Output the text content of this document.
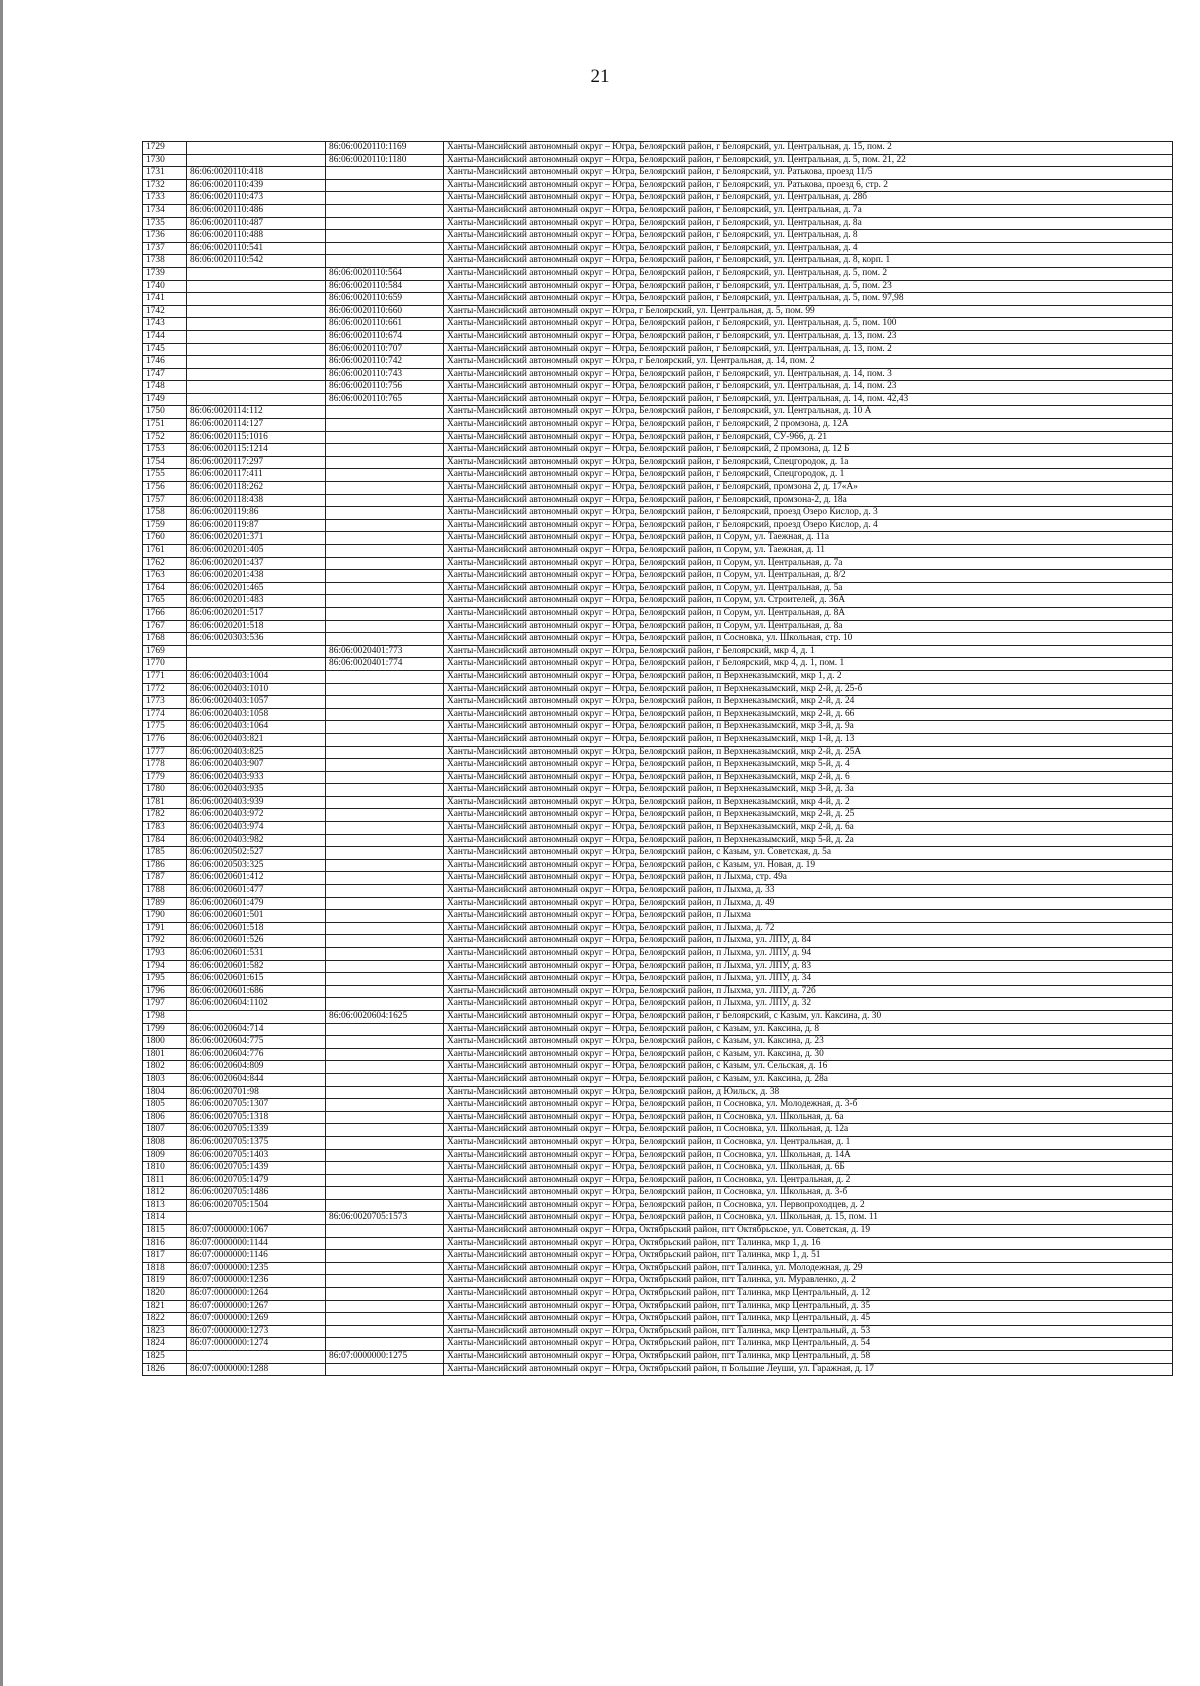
21
1729		86:06:0020110:1169	Ханты-Мансийский автономный округ – Югра, Белоярский район, г Белоярский, ул. Центральная, д. 15, пом. 2
1730		86:06:0020110:1180	Ханты-Мансийский автономный округ – Югра, Белоярский район, г Белоярский, ул. Центральная, д. 5, пом. 21, 22
1731	86:06:0020110:418		Ханты-Мансийский автономный округ – Югра, Белоярский район, г Белоярский, ул. Ратькова, проезд 11/5
1732	86:06:0020110:439		Ханты-Мансийский автономный округ – Югра, Белоярский район, г Белоярский, ул. Ратькова, проезд 6, стр. 2
1733	86:06:0020110:473		Ханты-Мансийский автономный округ – Югра, Белоярский район, г Белоярский, ул. Центральная, д. 28б
1734	86:06:0020110:486		Ханты-Мансийский автономный округ – Югра, Белоярский район, г Белоярский, ул. Центральная, д. 7а
1735	86:06:0020110:487		Ханты-Мансийский автономный округ – Югра, Белоярский район, г Белоярский, ул. Центральная, д. 8а
1736	86:06:0020110:488		Ханты-Мансийский автономный округ – Югра, Белоярский район, г Белоярский, ул. Центральная, д. 8
1737	86:06:0020110:541		Ханты-Мансийский автономный округ – Югра, Белоярский район, г Белоярский, ул. Центральная, д. 4
1738	86:06:0020110:542		Ханты-Мансийский автономный округ – Югра, Белоярский район, г Белоярский, ул. Центральная, д. 8, корп. 1
1739		86:06:0020110:564	Ханты-Мансийский автономный округ – Югра, Белоярский район, г Белоярский, ул. Центральная, д. 5, пом. 2
1740		86:06:0020110:584	Ханты-Мансийский автономный округ – Югра, Белоярский район, г Белоярский, ул. Центральная, д. 5, пом. 23
1741		86:06:0020110:659	Ханты-Мансийский автономный округ – Югра, Белоярский район, г Белоярский, ул. Центральная, д. 5, пом. 97,98
1742		86:06:0020110:660	Ханты-Мансийский автономный округ – Югра, г Белоярский, ул. Центральная, д. 5, пом. 99
1743		86:06:0020110:661	Ханты-Мансийский автономный округ – Югра, Белоярский район, г Белоярский, ул. Центральная, д. 5, пом. 100
1744		86:06:0020110:674	Ханты-Мансийский автономный округ – Югра, Белоярский район, г Белоярский, ул. Центральная, д. 13, пом. 23
1745		86:06:0020110:707	Ханты-Мансийский автономный округ – Югра, Белоярский район, г Белоярский, ул. Центральная, д. 13, пом. 2
1746		86:06:0020110:742	Ханты-Мансийский автономный округ – Югра, г Белоярский, ул. Центральная, д. 14, пом. 2
1747		86:06:0020110:743	Ханты-Мансийский автономный округ – Югра, Белоярский район, г Белоярский, ул. Центральная, д. 14, пом. 3
1748		86:06:0020110:756	Ханты-Мансийский автономный округ – Югра, Белоярский район, г Белоярский, ул. Центральная, д. 14, пом. 23
1749		86:06:0020110:765	Ханты-Мансийский автономный округ – Югра, Белоярский район, г Белоярский, ул. Центральная, д. 14, пом. 42,43
1750	86:06:0020114:112		Ханты-Мансийский автономный округ – Югра, Белоярский район, г Белоярский, ул. Центральная, д. 10 А
1751	86:06:0020114:127		Ханты-Мансийский автономный округ – Югра, Белоярский район, г Белоярский, 2 промзона, д. 12А
1752	86:06:0020115:1016		Ханты-Мансийский автономный округ – Югра, Белоярский район, г Белоярский, СУ-966, д. 21
1753	86:06:0020115:1214		Ханты-Мансийский автономный округ – Югра, Белоярский район, г Белоярский, 2 промзона, д. 12 Б
1754	86:06:0020117:297		Ханты-Мансийский автономный округ – Югра, Белоярский район, г Белоярский, Спецгородок, д. 1а
1755	86:06:0020117:411		Ханты-Мансийский автономный округ – Югра, Белоярский район, г Белоярский, Спецгородок, д. 1
1756	86:06:0020118:262		Ханты-Мансийский автономный округ – Югра, Белоярский район, г Белоярский, промзона 2, д. 17«А»
1757	86:06:0020118:438		Ханты-Мансийский автономный округ – Югра, Белоярский район, г Белоярский, промзона-2, д. 18а
1758	86:06:0020119:86		Ханты-Мансийский автономный округ – Югра, Белоярский район, г Белоярский, проезд Озеро Кислор, д. 3
1759	86:06:0020119:87		Ханты-Мансийский автономный округ – Югра, Белоярский район, г Белоярский, проезд Озеро Кислор, д. 4
1760	86:06:0020201:371		Ханты-Мансийский автономный округ – Югра, Белоярский район, п Сорум, ул. Таежная, д. 11а
1761	86:06:0020201:405		Ханты-Мансийский автономный округ – Югра, Белоярский район, п Сорум, ул. Таежная, д. 11
1762	86:06:0020201:437		Ханты-Мансийский автономный округ – Югра, Белоярский район, п Сорум, ул. Центральная, д. 7а
1763	86:06:0020201:438		Ханты-Мансийский автономный округ – Югра, Белоярский район, п Сорум, ул. Центральная, д. 8/2
1764	86:06:0020201:465		Ханты-Мансийский автономный округ – Югра, Белоярский район, п Сорум, ул. Центральная, д. 5а
1765	86:06:0020201:483		Ханты-Мансийский автономный округ – Югра, Белоярский район, п Сорум, ул. Строителей, д. 36А
1766	86:06:0020201:517		Ханты-Мансийский автономный округ – Югра, Белоярский район, п Сорум, ул. Центральная, д. 8А
1767	86:06:0020201:518		Ханты-Мансийский автономный округ – Югра, Белоярский район, п Сорум, ул. Центральная, д. 8а
1768	86:06:0020303:536		Ханты-Мансийский автономный округ – Югра, Белоярский район, п Сосновка, ул. Школьная, стр. 10
1769		86:06:0020401:773	Ханты-Мансийский автономный округ – Югра, Белоярский район, г Белоярский, мкр 4, д. 1
1770		86:06:0020401:774	Ханты-Мансийский автономный округ – Югра, Белоярский район, г Белоярский, мкр 4, д. 1, пом. 1
1771	86:06:0020403:1004		Ханты-Мансийский автономный округ – Югра, Белоярский район, п Верхнеказымский, мкр 1, д. 2
1772	86:06:0020403:1010		Ханты-Мансийский автономный округ – Югра, Белоярский район, п Верхнеказымский, мкр 2-й, д. 25-б
1773	86:06:0020403:1057		Ханты-Мансийский автономный округ – Югра, Белоярский район, п Верхнеказымский, мкр 2-й, д. 24
1774	86:06:0020403:1058		Ханты-Мансийский автономный округ – Югра, Белоярский район, п Верхнеказымский, мкр 2-й, д. 66
1775	86:06:0020403:1064		Ханты-Мансийский автономный округ – Югра, Белоярский район, п Верхнеказымский, мкр 3-й, д. 9а
1776	86:06:0020403:821		Ханты-Мансийский автономный округ – Югра, Белоярский район, п Верхнеказымский, мкр 1-й, д. 13
1777	86:06:0020403:825		Ханты-Мансийский автономный округ – Югра, Белоярский район, п Верхнеказымский, мкр 2-й, д. 25А
1778	86:06:0020403:907		Ханты-Мансийский автономный округ – Югра, Белоярский район, п Верхнеказымский, мкр 5-й, д. 4
1779	86:06:0020403:933		Ханты-Мансийский автономный округ – Югра, Белоярский район, п Верхнеказымский, мкр 2-й, д. 6
1780	86:06:0020403:935		Ханты-Мансийский автономный округ – Югра, Белоярский район, п Верхнеказымский, мкр 3-й, д. 3а
1781	86:06:0020403:939		Ханты-Мансийский автономный округ – Югра, Белоярский район, п Верхнеказымский, мкр 4-й, д. 2
1782	86:06:0020403:972		Ханты-Мансийский автономный округ – Югра, Белоярский район, п Верхнеказымский, мкр 2-й, д. 25
1783	86:06:0020403:974		Ханты-Мансийский автономный округ – Югра, Белоярский район, п Верхнеказымский, мкр 2-й, д. 6а
1784	86:06:0020403:982		Ханты-Мансийский автономный округ – Югра, Белоярский район, п Верхнеказымский, мкр 5-й, д. 2а
1785	86:06:0020502:527		Ханты-Мансийский автономный округ – Югра, Белоярский район, с Казым, ул. Советская, д. 5а
1786	86:06:0020503:325		Ханты-Мансийский автономный округ – Югра, Белоярский район, с Казым, ул. Новая, д. 19
1787	86:06:0020601:412		Ханты-Мансийский автономный округ – Югра, Белоярский район, п Лыхма, стр. 49а
1788	86:06:0020601:477		Ханты-Мансийский автономный округ – Югра, Белоярский район, п Лыхма, д. 33
1789	86:06:0020601:479		Ханты-Мансийский автономный округ – Югра, Белоярский район, п Лыхма, д. 49
1790	86:06:0020601:501		Ханты-Мансийский автономный округ – Югра, Белоярский район, п Лыхма
1791	86:06:0020601:518		Ханты-Мансийский автономный округ – Югра, Белоярский район, п Лыхма, д. 72
1792	86:06:0020601:526		Ханты-Мансийский автономный округ – Югра, Белоярский район, п Лыхма, ул. ЛПУ, д. 84
1793	86:06:0020601:531		Ханты-Мансийский автономный округ – Югра, Белоярский район, п Лыхма, ул. ЛПУ, д. 94
1794	86:06:0020601:582		Ханты-Мансийский автономный округ – Югра, Белоярский район, п Лыхма, ул. ЛПУ, д. 83
1795	86:06:0020601:615		Ханты-Мансийский автономный округ – Югра, Белоярский район, п Лыхма, ул. ЛПУ, д. 34
1796	86:06:0020601:686		Ханты-Мансийский автономный округ – Югра, Белоярский район, п Лыхма, ул. ЛПУ, д. 72б
1797	86:06:0020604:1102		Ханты-Мансийский автономный округ – Югра, Белоярский район, п Лыхма, ул. ЛПУ, д. 32
1798		86:06:0020604:1625	Ханты-Мансийский автономный округ – Югра, Белоярский район, г Белоярский, с Казым, ул. Каксина, д. 30
1799	86:06:0020604:714		Ханты-Мансийский автономный округ – Югра, Белоярский район, с Казым, ул. Каксина, д. 8
1800	86:06:0020604:775		Ханты-Мансийский автономный округ – Югра, Белоярский район, с Казым, ул. Каксина, д. 23
1801	86:06:0020604:776		Ханты-Мансийский автономный округ – Югра, Белоярский район, с Казым, ул. Каксина, д. 30
1802	86:06:0020604:809		Ханты-Мансийский автономный округ – Югра, Белоярский район, с Казым, ул. Сельская, д. 16
1803	86:06:0020604:844		Ханты-Мансийский автономный округ – Югра, Белоярский район, с Казым, ул. Каксина, д. 28а
1804	86:06:0020701:98		Ханты-Мансийский автономный округ – Югра, Белоярский район, д Юильск, д. 38
1805	86:06:0020705:1307		Ханты-Мансийский автономный округ – Югра, Белоярский район, п Сосновка, ул. Молодежная, д. 3-б
1806	86:06:0020705:1318		Ханты-Мансийский автономный округ – Югра, Белоярский район, п Сосновка, ул. Школьная, д. 6а
1807	86:06:0020705:1339		Ханты-Мансийский автономный округ – Югра, Белоярский район, п Сосновка, ул. Школьная, д. 12а
1808	86:06:0020705:1375		Ханты-Мансийский автономный округ – Югра, Белоярский район, п Сосновка, ул. Центральная, д. 1
1809	86:06:0020705:1403		Ханты-Мансийский автономный округ – Югра, Белоярский район, п Сосновка, ул. Школьная, д. 14А
1810	86:06:0020705:1439		Ханты-Мансийский автономный округ – Югра, Белоярский район, п Сосновка, ул. Школьная, д. 6Б
1811	86:06:0020705:1479		Ханты-Мансийский автономный округ – Югра, Белоярский район, п Сосновка, ул. Центральная, д. 2
1812	86:06:0020705:1486		Ханты-Мансийский автономный округ – Югра, Белоярский район, п Сосновка, ул. Школьная, д. 3-б
1813	86:06:0020705:1504		Ханты-Мансийский автономный округ – Югра, Белоярский район, п Сосновка, ул. Первопроходцев, д. 2
1814		86:06:0020705:1573	Ханты-Мансийский автономный округ – Югра, Белоярский район, п Сосновка, ул. Школьная, д. 15, пом. 11
1815	86:07:0000000:1067		Ханты-Мансийский автономный округ – Югра, Октябрьский район, пгт Октябрьское, ул. Советская, д. 19
1816	86:07:0000000:1144		Ханты-Мансийский автономный округ – Югра, Октябрьский район, пгт Талинка, мкр 1, д. 16
1817	86:07:0000000:1146		Ханты-Мансийский автономный округ – Югра, Октябрьский район, пгт Талинка, мкр 1, д. 51
1818	86:07:0000000:1235		Ханты-Мансийский автономный округ – Югра, Октябрьский район, пгт Талинка, ул. Молодежная, д. 29
1819	86:07:0000000:1236		Ханты-Мансийский автономный округ – Югра, Октябрьский район, пгт Талинка, ул. Муравленко, д. 2
1820	86:07:0000000:1264		Ханты-Мансийский автономный округ – Югра, Октябрьский район, пгт Талинка, мкр Центральный, д. 12
1821	86:07:0000000:1267		Ханты-Мансийский автономный округ – Югра, Октябрьский район, пгт Талинка, мкр Центральный, д. 35
1822	86:07:0000000:1269		Ханты-Мансийский автономный округ – Югра, Октябрьский район, пгт Талинка, мкр Центральный, д. 45
1823	86:07:0000000:1273		Ханты-Мансийский автономный округ – Югра, Октябрьский район, пгт Талинка, мкр Центральный, д. 53
1824	86:07:0000000:1274		Ханты-Мансийский автономный округ – Югра, Октябрьский район, пгт Талинка, мкр Центральный, д. 54
1825		86:07:0000000:1275	Ханты-Мансийский автономный округ – Югра, Октябрьский район, пгт Талинка, мкр Центральный, д. 58
1826	86:07:0000000:1288		Ханты-Мансийский автономный округ – Югра, Октябрьский район, п Большие Леуши, ул. Гаражная, д. 17
